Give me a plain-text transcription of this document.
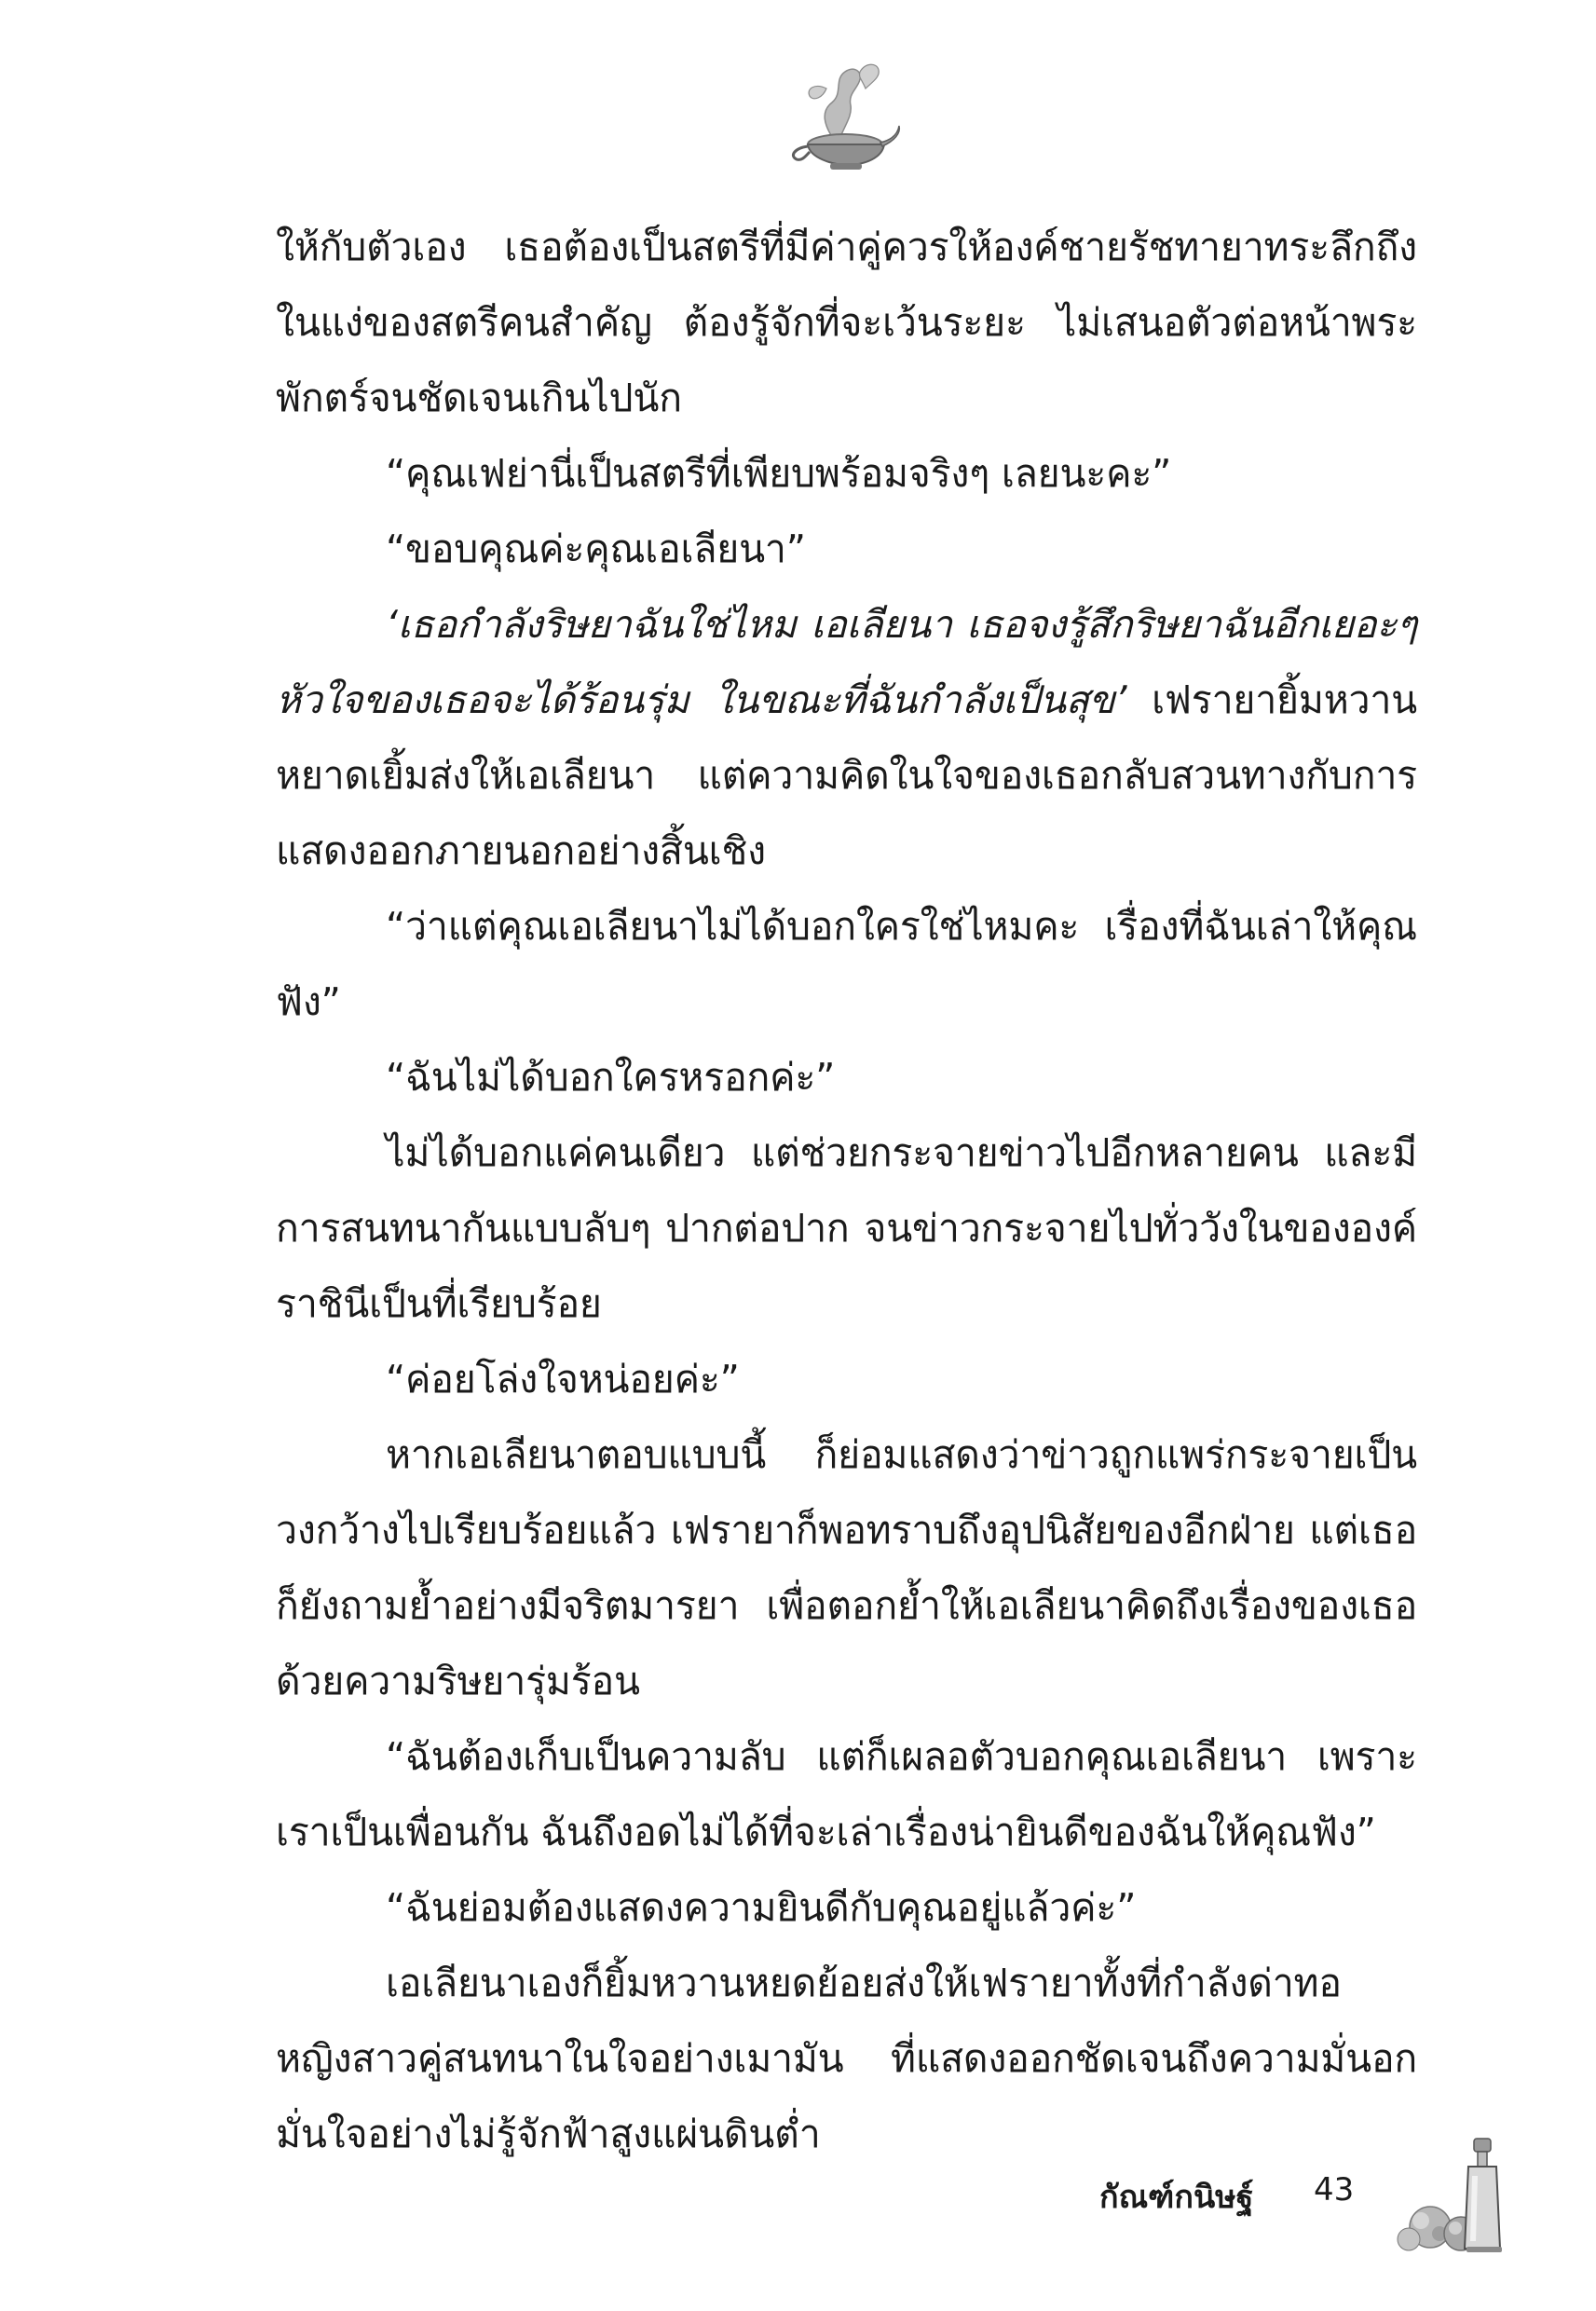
ให้กับตัวเอง เธอต้องเป็นสตรีที่มีค่าคู่ควรให้องค์ชายรัชทายาทระลึกถึงในแง่ของสตรีคนสำคัญ ต้องรู้จักที่จะเว้นระยะ ไม่เสนอตัวต่อหน้าพระพักตร์จนชัดเจนเกินไปนัก

“คุณเฟย่านี่เป็นสตรีที่เพียบพร้อมจริงๆ เลยนะคะ”

“ขอบคุณค่ะคุณเอเลียนา”

‘เธอกำลังริษยาฉันใช่ไหม เอเลียนา เธอจงรู้สึกริษยาฉันอีกเยอะๆ หัวใจของเธอจะได้ร้อนรุ่ม ในขณะที่ฉันกำลังเป็นสุข’ เฟรายายิ้มหวานหยาดเยิ้มส่งให้เอเลียนา แต่ความคิดในใจของเธอกลับสวนทางกับการแสดงออกภายนอกอย่างสิ้นเชิง

“ว่าแต่คุณเอเลียนาไม่ได้บอกใครใช่ไหมคะ เรื่องที่ฉันเล่าให้คุณฟัง”

“ฉันไม่ได้บอกใครหรอกค่ะ”

ไม่ได้บอกแค่คนเดียว แต่ช่วยกระจายข่าวไปอีกหลายคน และมีการสนทนากันแบบลับๆ ปากต่อปาก จนข่าวกระจายไปทั่ววังในขององค์ราชินีเป็นที่เรียบร้อย

“ค่อยโล่งใจหน่อยค่ะ”

หากเอเลียนาตอบแบบนี้ ก็ย่อมแสดงว่าข่าวถูกแพร่กระจายเป็นวงกว้างไปเรียบร้อยแล้ว เฟรายาก็พอทราบถึงอุปนิสัยของอีกฝ่าย แต่เธอก็ยังถามย้ำอย่างมีจริตมารยา เพื่อตอกย้ำให้เอเลียนาคิดถึงเรื่องของเธอด้วยความริษยารุ่มร้อน

“ฉันต้องเก็บเป็นความลับ แต่ก็เผลอตัวบอกคุณเอเลียนา เพราะเราเป็นเพื่อนกัน ฉันถึงอดไม่ได้ที่จะเล่าเรื่องน่ายินดีของฉันให้คุณฟัง”

“ฉันย่อมต้องแสดงความยินดีกับคุณอยู่แล้วค่ะ”

เอเลียนาเองก็ยิ้มหวานหยดย้อยส่งให้เฟรายาทั้งที่กำลังด่าทอหญิงสาวคู่สนทนาในใจอย่างเมามัน ที่แสดงออกชัดเจนถึงความมั่นอกมั่นใจอย่างไม่รู้จักฟ้าสูงแผ่นดินต่ำ

กัณฑ์กนิษฐ์ 43
